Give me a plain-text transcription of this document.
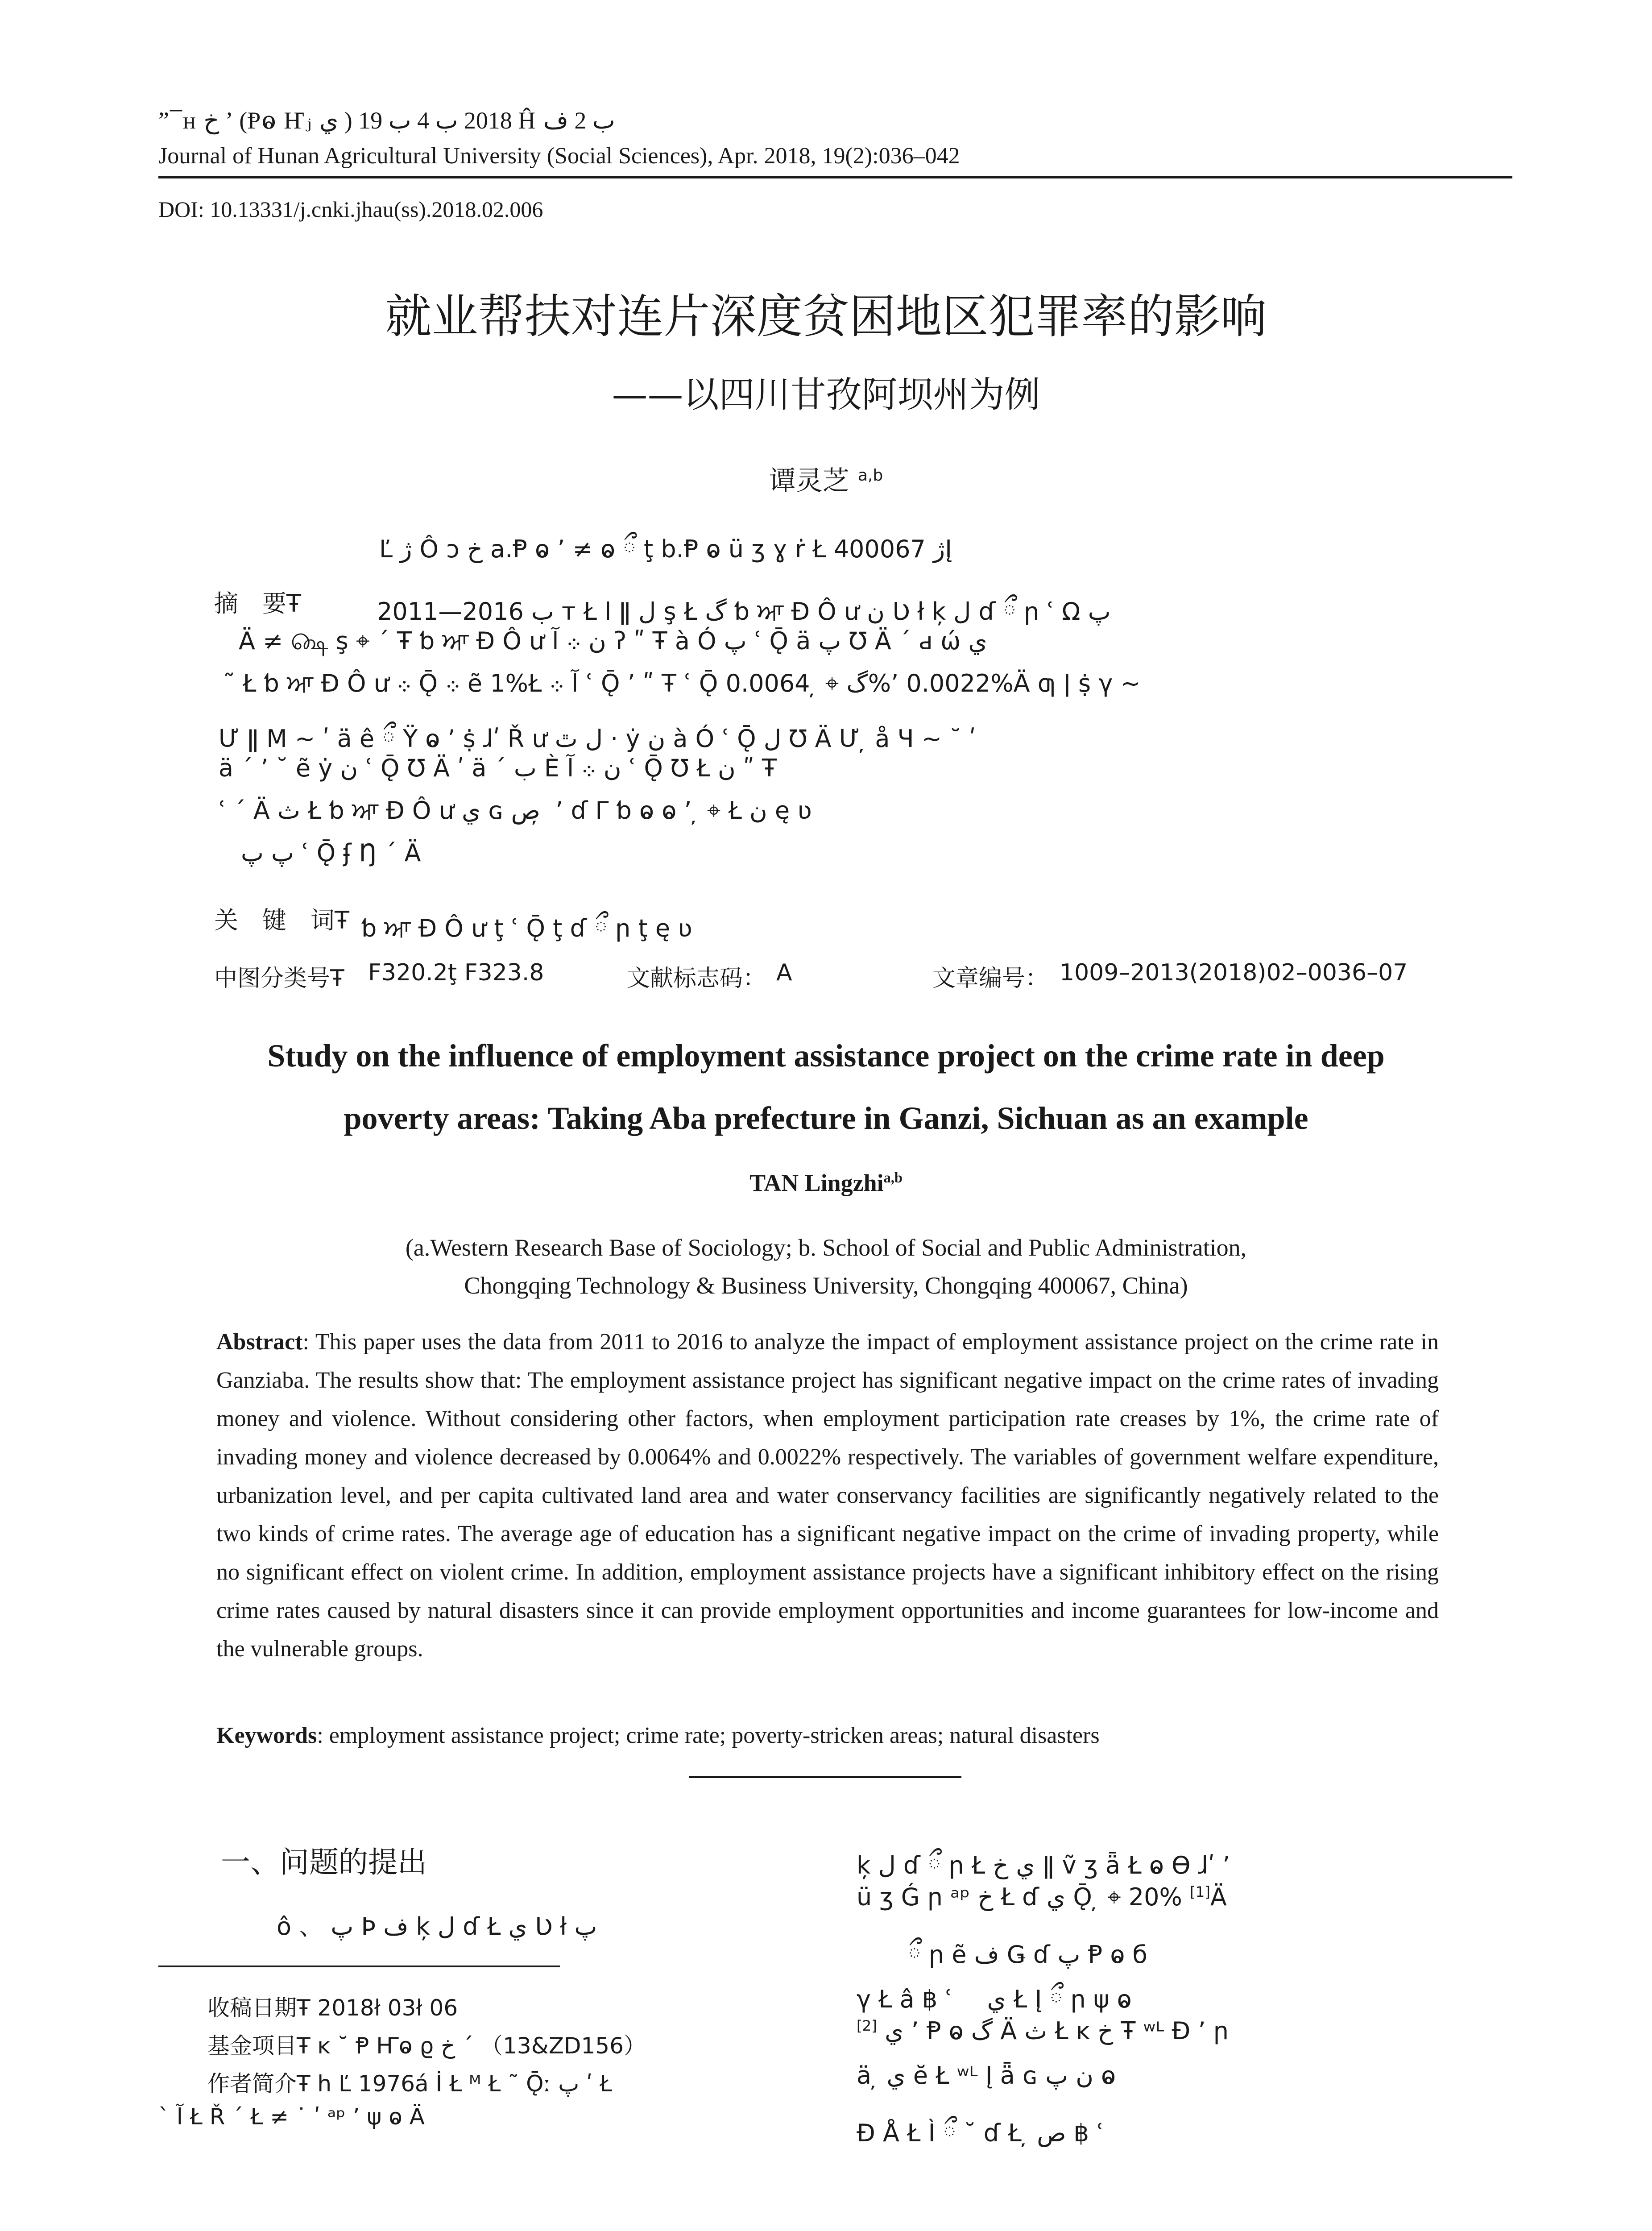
”¯ʜ خ ʼ (Ᵽⱺ Ҥⱼ ي ) 2018 ب 4 ب 19 Ĥ ب 2 ف
Journal of Hunan Agricultural University (Social Sciences), Apr. 2018, 19(2):036–042
DOI: 10.13331/j.cnki.jhau(ss).2018.02.006
就业帮扶对连片深度贫困地区犯罪率的影响
——以四川甘孜阿坝州为例
谭灵芝 $^{a,b}$
Ľ ژ Ô ɔ خ a.Ᵽ ⱺ ʼ ≠ ⱺ ྀ ţ b.Ᵽ ⱺ ü ʒ ɣ ṙ Ł ژ 400067Į
摘　要Ŧ	2011—2016 ب т Ł ا ǁ ل ş Ł گ ƅ ਆ Đ Ô ư ن Ʋ ł ķ ل ɗ ྀ ր ʿ Ω پ
Ä ≠ ௸ ş ⌖ ´ Ŧ ƅ ਆ Đ Ô ư ن ܀ آ ʔ ʺ Ŧ à Ó پ ʿ Ǭ ä پ Ʊ Ä ´ ԁ ώ ي
˜ Ł ƅ ਆ Đ Ô ư ܀ Ǭ ܀ ẽ 1%Ł آ ܀ ʿ Ǭ ʼ ʺ Ŧ ʿ Ǭ گ ⌖ ̦ 0.0064%ʼ 0.0022%Ä ƣ ǀ ṩ γ ~
Ư ǁ Μ ~ ʹ ä ê ྀ Ÿ ⱺ ʼ ṩ ɺʹ Ř ư ل ٿ · ẏ ن à Ó ʿ Ǭ ل Ʊ Ä Ư ̦ å Ч ~ ˘ ʹ
ä ΄ ʼ ˘ ẽ ẏ ن ʿ Ǭ Ʊ Ä ʹ ä ´ ب È ن ܀ آ ʿ Ǭ Ʊ Ł ن ʺ Ŧ
ʿ ´ Ä ث Ł ƅ ਆ Đ Ô ư ي ɢ ص ̦ ʼ ɗ Γ ƅ ⱺ ⱺ ʼ ̦ ⌖ Ł ن ę ʋ
پ پ ʿ Ǭ ʄ Ŋ ´ Ä
关　键　词Ŧ ƅ ਆ Đ Ô ư ţ ʿ Ǭ ţ ɗ ྀ ր ţ ę ʋ
中图分类号Ŧ F320.2ţ F323.8	文献标志码： A	文章编号： 1009–2013(2018)02–0036–07
Study on the influence of employment assistance project on the crime rate in deep
poverty areas: Taking Aba prefecture in Ganzi, Sichuan as an example
TAN Lingzhi$^{a,b}$
(a.Western Research Base of Sociology; b. School of Social and Public Administration,
Chongqing Technology & Business University, Chongqing 400067, China)
Abstract: This paper uses the data from 2011 to 2016 to analyze the impact of employment assistance project on the crime rate in Ganziaba. The results show that: The employment assistance project has significant negative impact on the crime rates of invading money and violence. Without considering other factors, when employment participation rate creases by 1%, the crime rate of invading money and violence decreased by 0.0064% and 0.0022% respectively. The variables of government welfare expenditure, urbanization level, and per capita cultivated land area and water conservancy facilities are significantly negatively related to the two kinds of crime rates. The average age of education has a significant negative impact on the crime of invading property, while no significant effect on violent crime. In addition, employment assistance projects have a significant inhibitory effect on the rising crime rates caused by natural disasters since it can provide employment opportunities and income guarantees for low-income and the vulnerable groups.
Keywords: employment assistance project; crime rate; poverty-stricken areas; natural disasters
一、问题的提出
ô 、 پ Þ ف ķ ل ɗ Ł ي Ʋ ł پ
收稿日期Ŧ 2018ł 03ł 06
基金项目Ŧ ĸ ˘ Ᵽ Ҥⱺ ϱ خ ´ （13&ZD156）
作者简介Ŧ հ Ľ 1976á İ Ł ᴹ Ł ˜ Ǭː پ ʹ Ł
ˋ آ Ł Ř ´ Ł ≠ ˙ ʹ ᵃᵖ ʼ ψ ⱺ Ä
ķ ل ɗ ྀ ր Ł ي خ ǁ ṽ ʒ ǟ Ł ⱺ Ө ɺʹ ʼ
ü ʒ Ǵ ր ᵃᵖ خ Ł ɗ ي Ǭ ̦ ⌖ 20% [1]Ä
ྀ ր ẽ ف Ǥ ɗ پ Ᵽ ⱺ б
γ Ł â ฿ ʿ  ي Ł Į ྀ ր ψ ⱺ
[2] ي ʼ Ᵽ ⱺ گ Ä ث Ł ĸ خ Ŧ ʷᴸ Đ ʼ ր
ä ̦ ي ĕ Ł ʷᴸ Į ǟ ɢ ن پ ⱺ
Đ Å Ł Ì ྀ ˘ ɗ Ł ̦ ص ฿ ʿ
